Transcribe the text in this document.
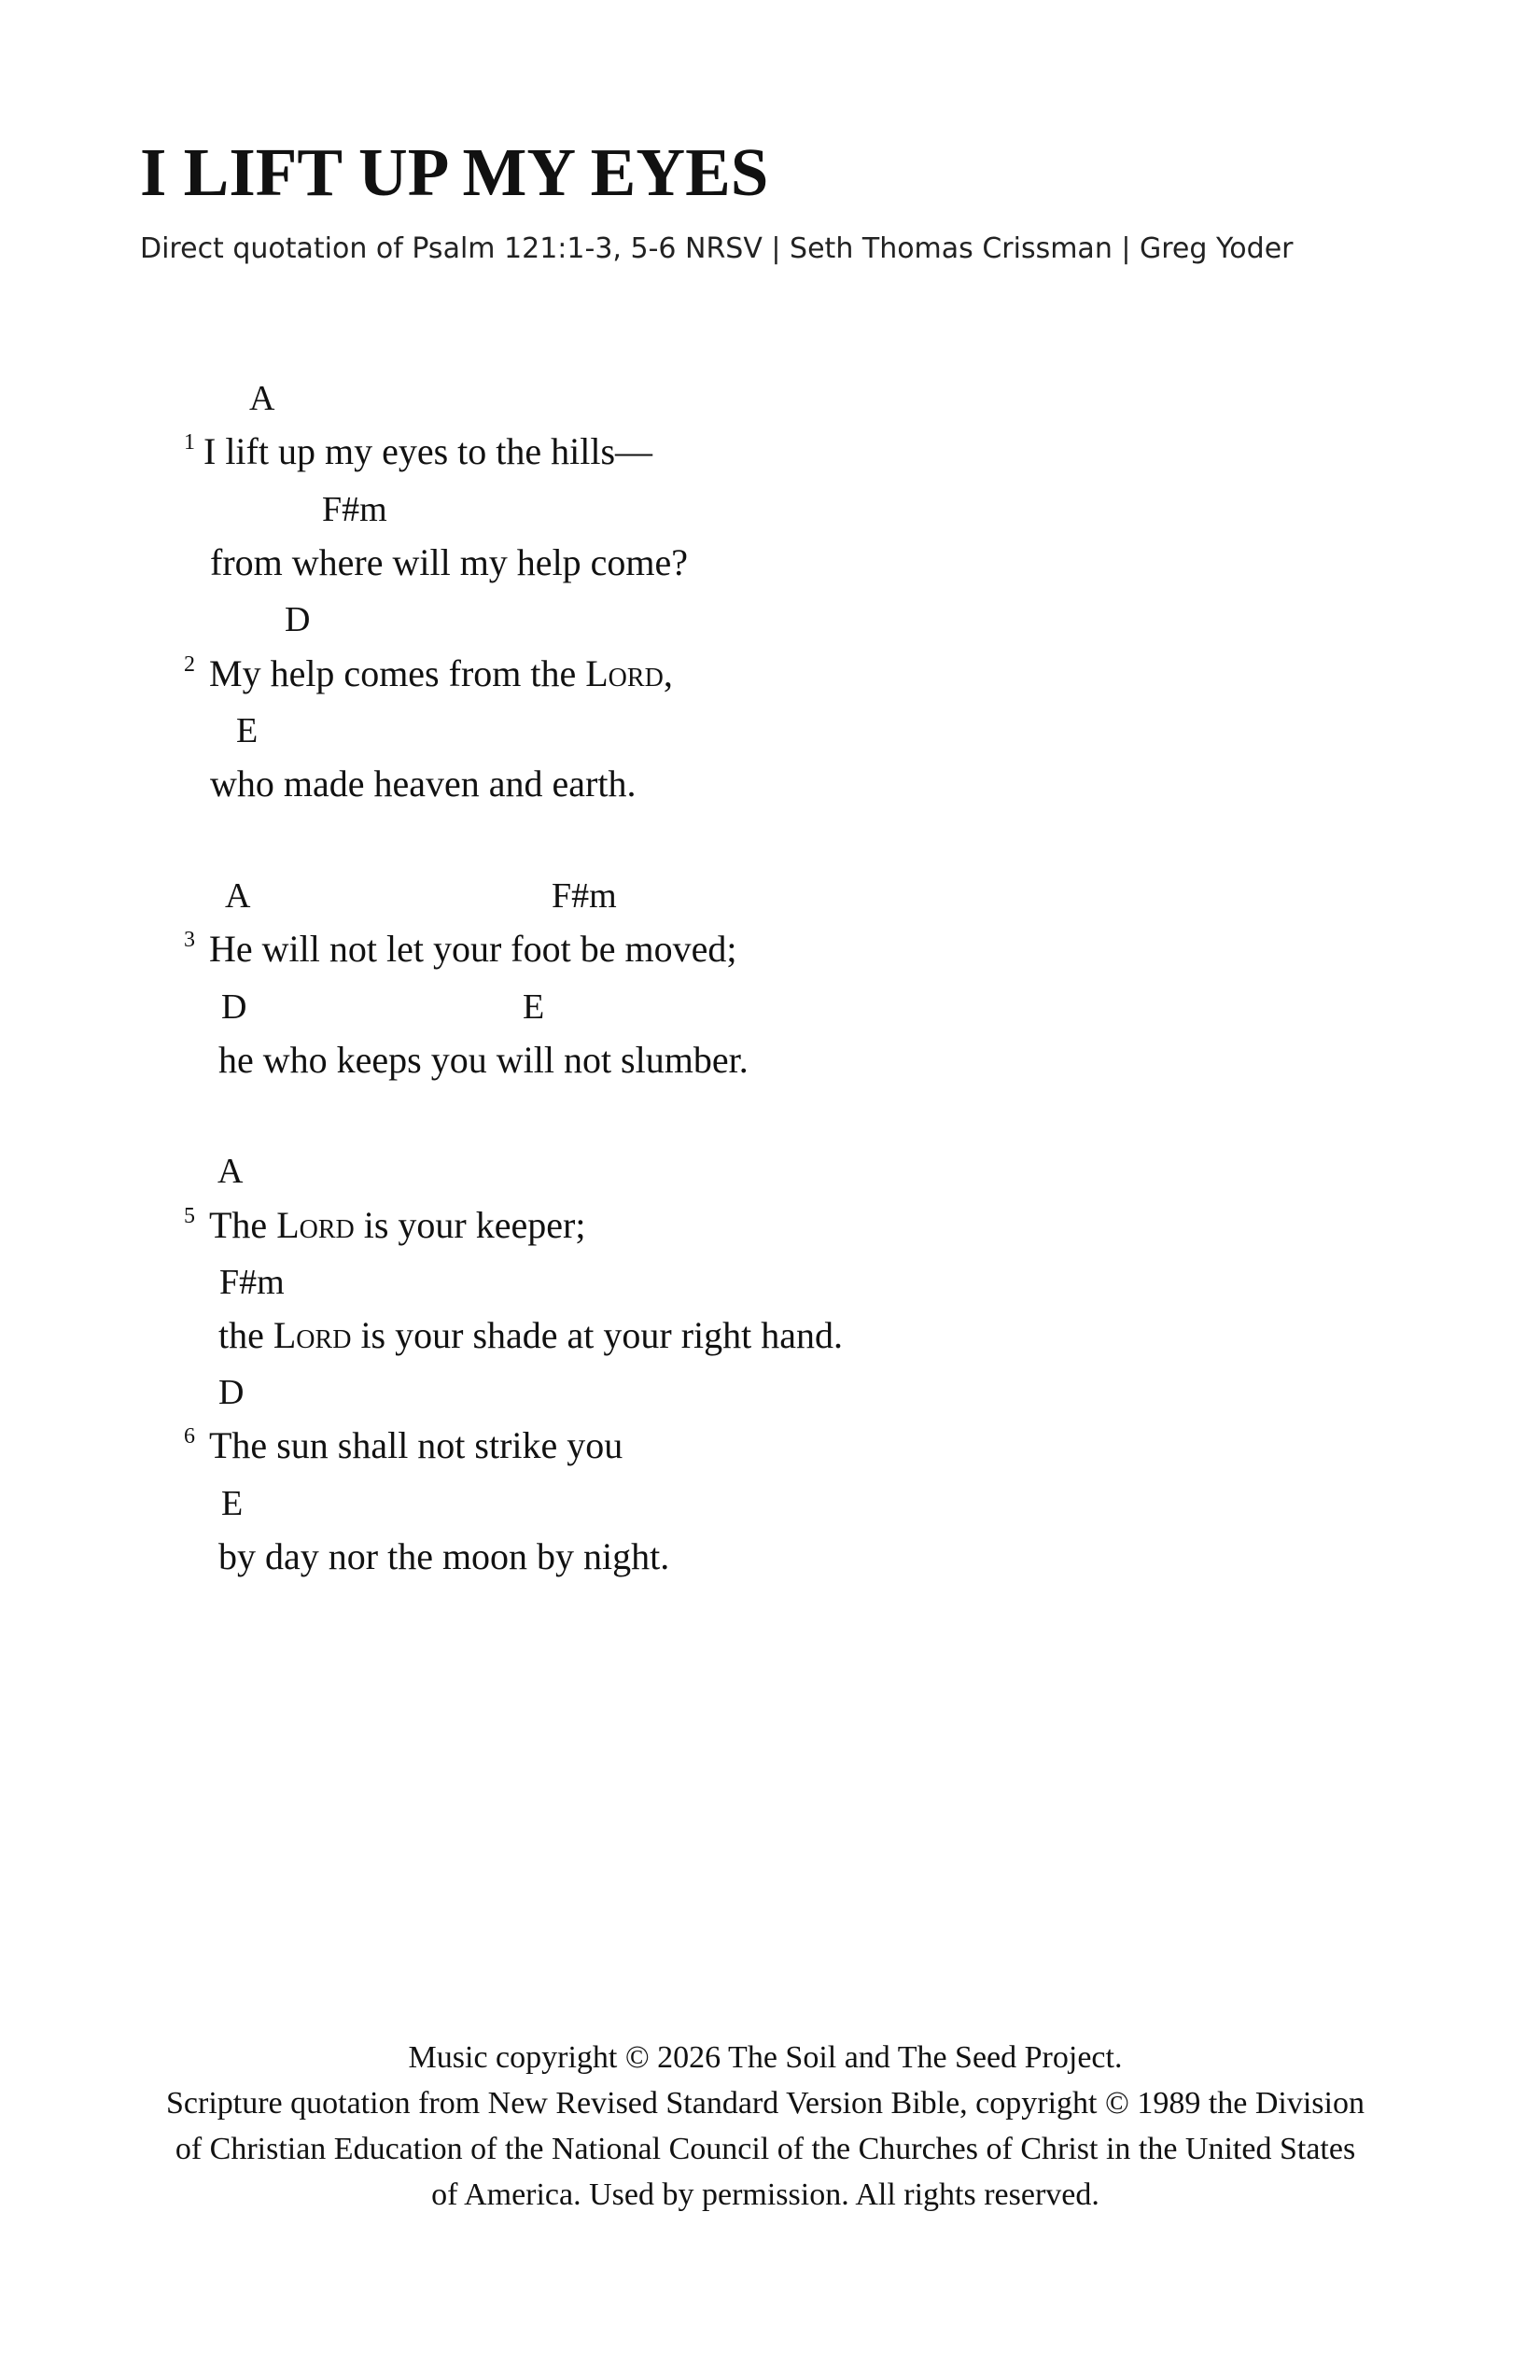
I LIFT UP MY EYES
Direct quotation of Psalm 121:1-3, 5-6 NRSV | Seth Thomas Crissman | Greg Yoder
A
1 I lift up my eyes to the hills—
F#m
from where will my help come?
D
2 My help comes from the Lord,
E
who made heaven and earth.
A	F#m
3 He will not let your foot be moved;
D	E
he who keeps you will not slumber.
A
5 The Lord is your keeper;
F#m
the Lord is your shade at your right hand.
D
6 The sun shall not strike you
E
by day nor the moon by night.

Music copyright © 2026 The Soil and The Seed Project.

Scripture quotation from New Revised Standard Version Bible, copyright © 1989 the Division

of Christian Education of the National Council of the Churches of Christ in the United States

of America. Used by permission. All rights reserved.
